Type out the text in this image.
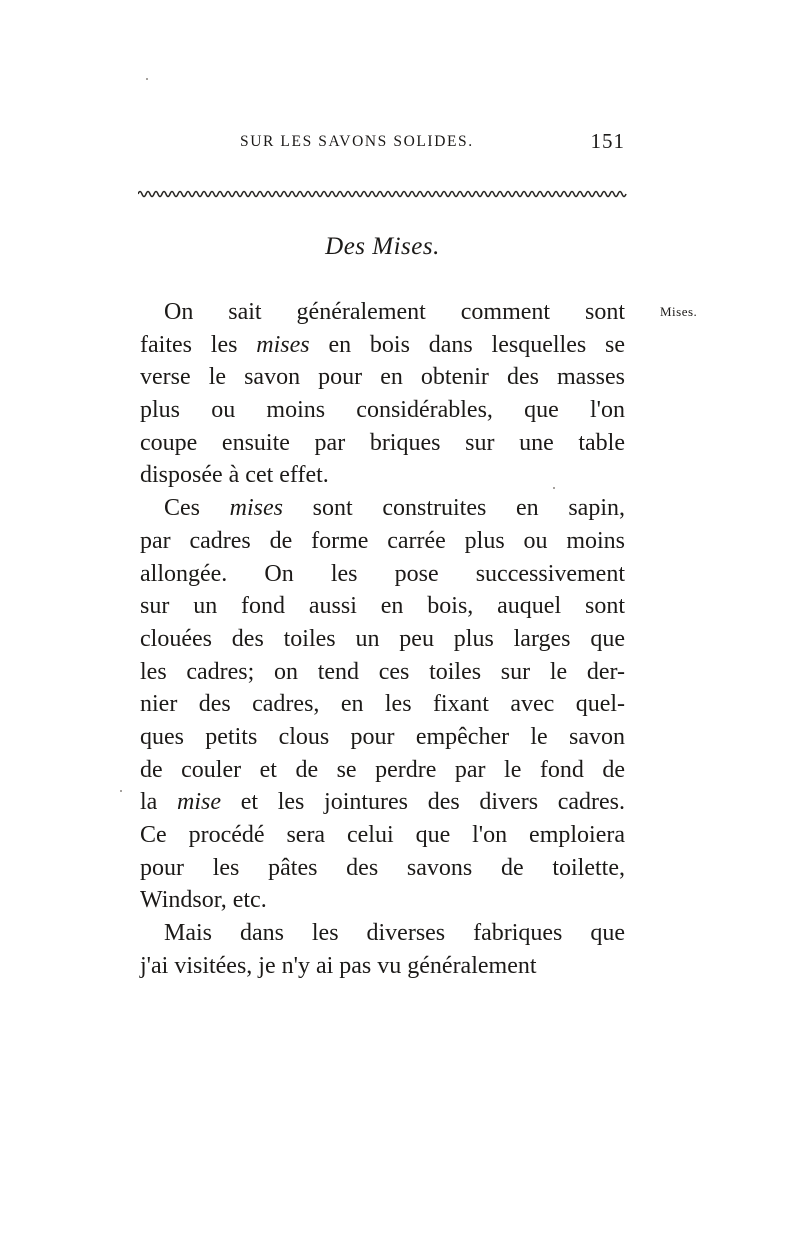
SUR LES SAVONS SOLIDES.	151
Des Mises.
Mises.
On sait généralement comment sont
faites les mises en bois dans lesquelles se
verse le savon pour en obtenir des masses
plus ou moins considérables, que l'on
coupe ensuite par briques sur une table
disposée à cet effet.
Ces mises sont construites en sapin,
par cadres de forme carrée plus ou moins
allongée. On les pose successivement
sur un fond aussi en bois, auquel sont
clouées des toiles un peu plus larges que
les cadres; on tend ces toiles sur le der-
nier des cadres, en les fixant avec quel-
ques petits clous pour empêcher le savon
de couler et de se perdre par le fond de
la mise et les jointures des divers cadres.
Ce procédé sera celui que l'on emploiera
pour les pâtes des savons de toilette,
Windsor, etc.
Mais dans les diverses fabriques que
j'ai visitées, je n'y ai pas vu généralement
